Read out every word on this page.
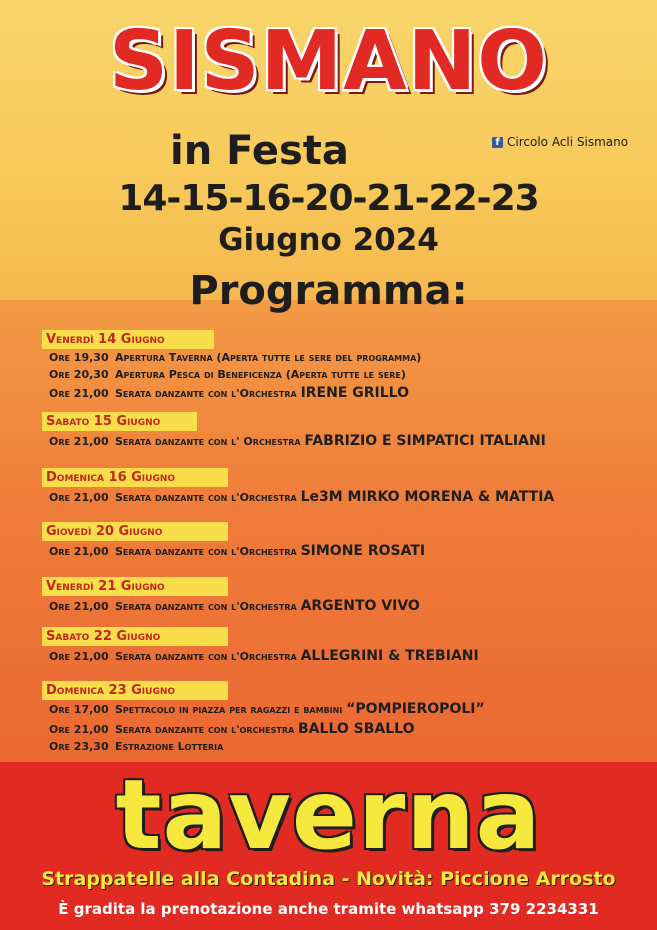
SISMANO
in Festa	f Circolo Acli Sismano
14-15-16-20-21-22-23
Giugno 2024
Programma:
Venerdì 14 Giugno
Ore 19,30 Apertura Taverna (Aperta tutte le sere del programma)
Ore 20,30 Apertura Pesca di Beneficenza (Aperta tutte le sere)
Ore 21,00 Serata danzante con l'Orchestra IRENE GRILLO
Sabato 15 Giugno
Ore 21,00 Serata danzante con l' Orchestra FABRIZIO E SIMPATICI ITALIANI
Domenica 16 Giugno
Ore 21,00 Serata danzante con l'Orchestra Le3M MIRKO MORENA & MATTIA
Giovedì 20 Giugno
Ore 21,00 Serata danzante con l'Orchestra SIMONE ROSATI
Venerdì 21 Giugno
Ore 21,00 Serata danzante con l'Orchestra ARGENTO VIVO
Sabato 22 Giugno
Ore 21,00 Serata danzante con l'Orchestra ALLEGRINI & TREBIANI
Domenica 23 Giugno
Ore 17,00 Spettacolo in piazza per ragazzi e bambini “POMPIEROPOLI”
Ore 21,00 Serata danzante con l'orchestra BALLO SBALLO
Ore 23,30 Estrazione Lotteria
taverna
Strappatelle alla Contadina - Novità: Piccione Arrosto
È gradita la prenotazione anche tramite whatsapp 379 2234331
